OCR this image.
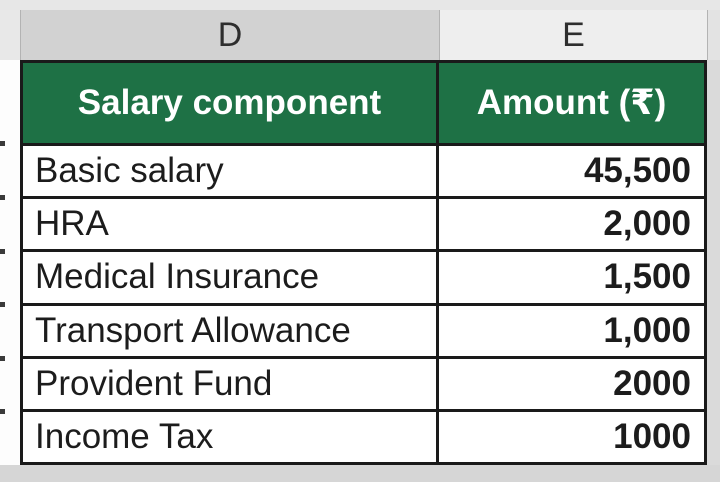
D	E
Salary component	Amount (₹)
Basic salary	45,500
HRA	2,000
Medical Insurance	1,500
Transport Allowance	1,000
Provident Fund	2000
Income Tax	1000
